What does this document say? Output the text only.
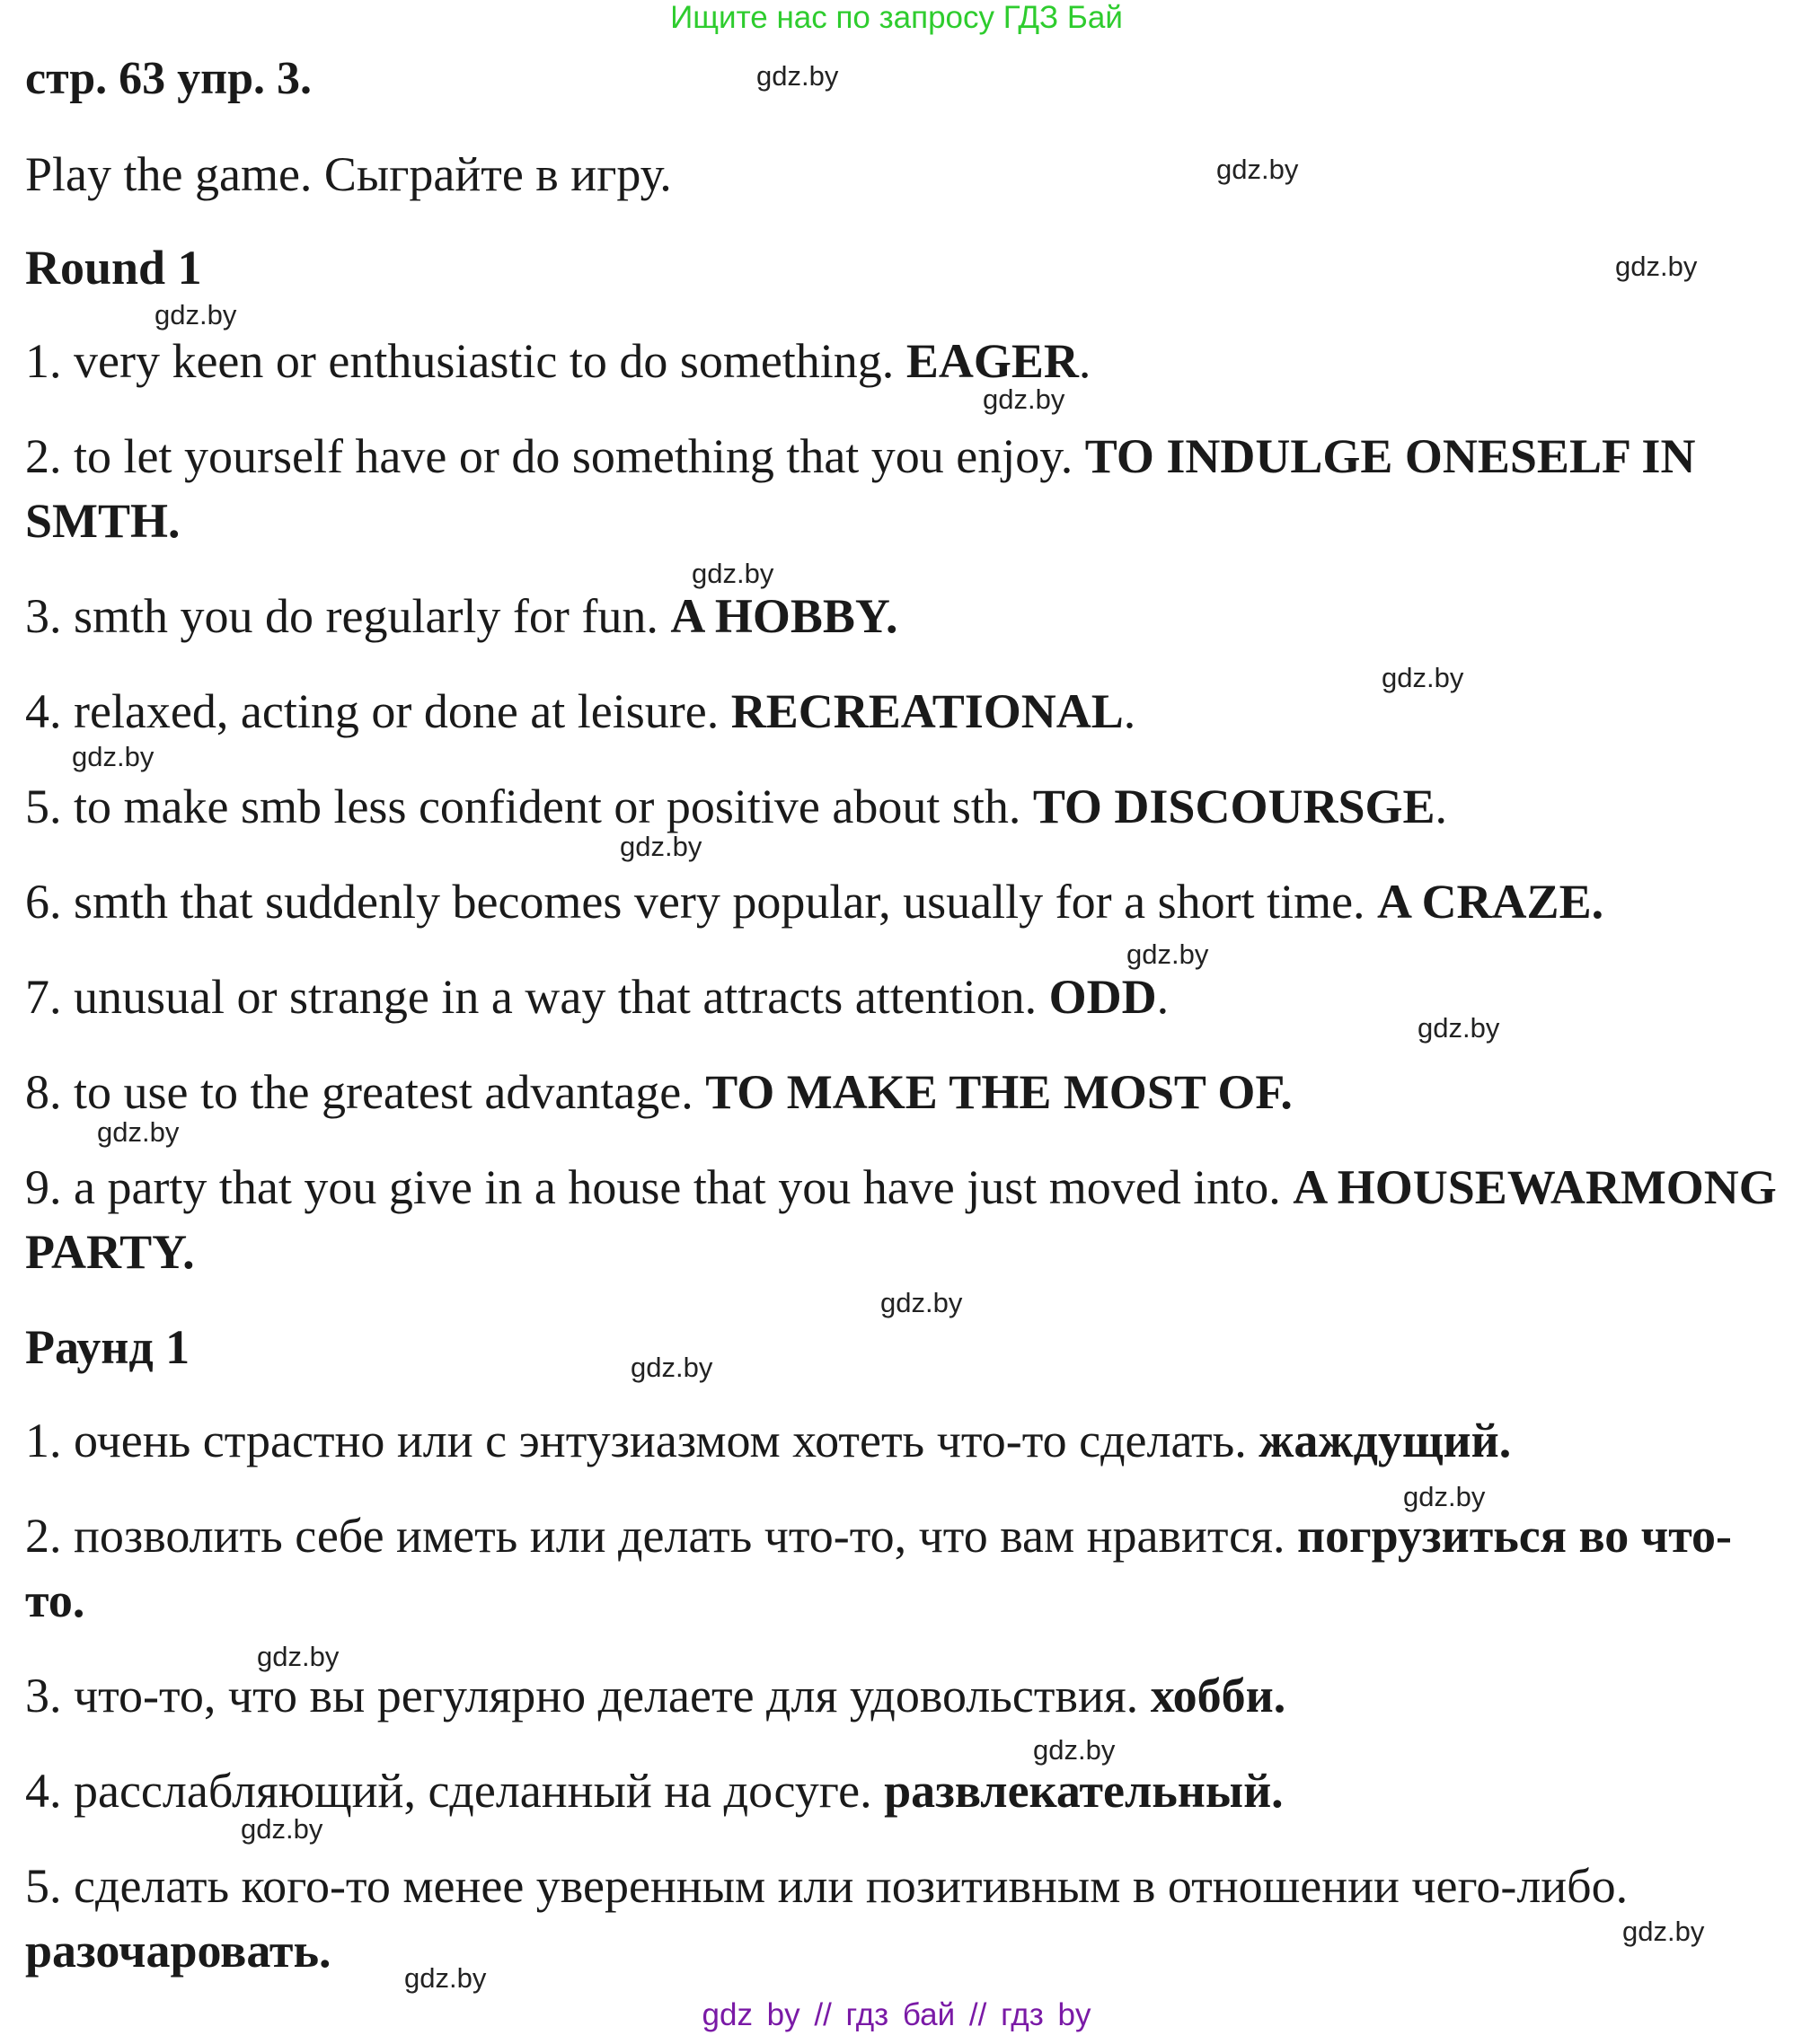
Ищите нас по запросу ГДЗ Бай
стр. 63 упр. 3.
Play the game. Сыграйте в игру.
Round 1
1. very keen or enthusiastic to do something. EAGER.
2. to let yourself have or do something that you enjoy. TO INDULGE ONESELF IN SMTH.
3. smth you do regularly for fun. A HOBBY.
4. relaxed, acting or done at leisure. RECREATIONAL.
5. to make smb less confident or positive about sth. TO DISCOURSGE.
6. smth that suddenly becomes very popular, usually for a short time. A CRAZE.
7. unusual or strange in a way that attracts attention. ODD.
8. to use to the greatest advantage. TO MAKE THE MOST OF.
9. a party that you give in a house that you have just moved into. A HOUSEWARMONG PARTY.
Раунд 1
1. очень страстно или с энтузиазмом хотеть что-то сделать. жаждущий.
2. позволить себе иметь или делать что-то, что вам нравится. погрузиться во что-то.
3. что-то, что вы регулярно делаете для удовольствия. хобби.
4. расслабляющий, сделанный на досуге. развлекательный.
5. сделать кого-то менее уверенным или позитивным в отношении чего-либо. разочаровать.
gdz.by
gdz.by
gdz.by
gdz.by
gdz.by
gdz.by
gdz.by
gdz.by
gdz.by
gdz.by
gdz.by
gdz.by
gdz.by
gdz.by
gdz.by
gdz.by
gdz.by
gdz.by
gdz.by
gdz.by
gdz by // гдз бай // гдз by
